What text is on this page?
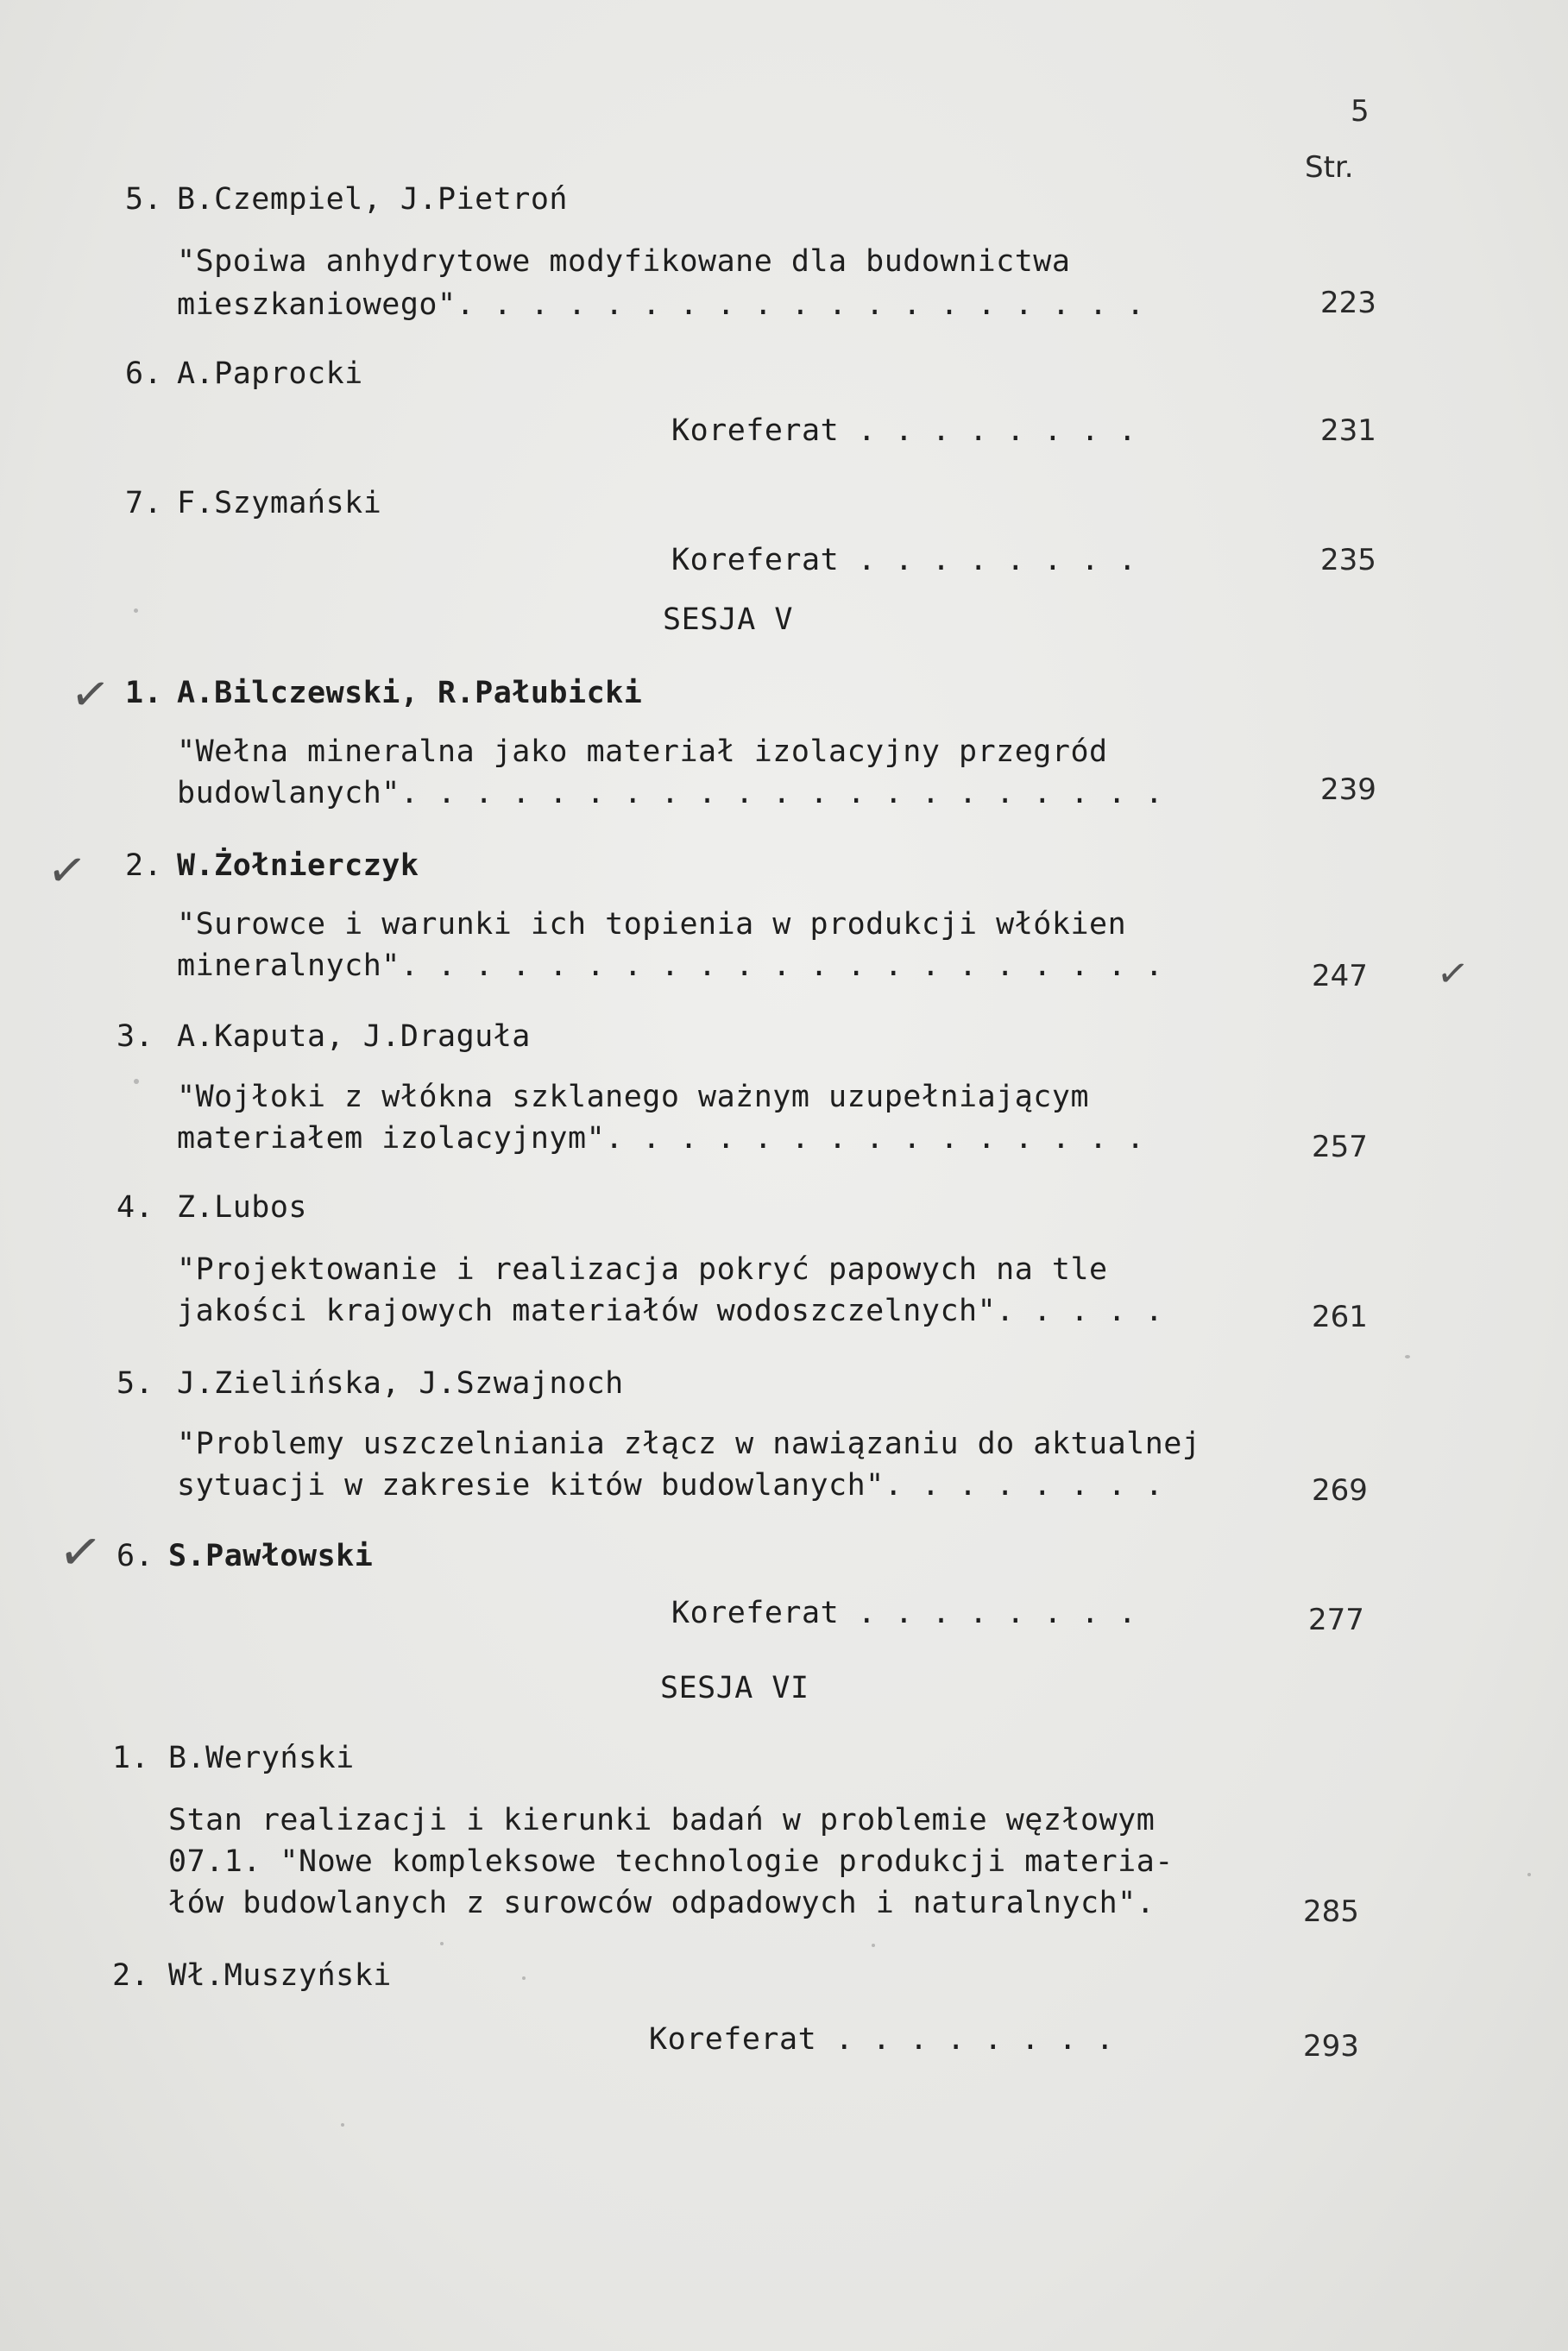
5
Str.
5. B.Czempiel, J.Pietroń
"Spoiwa anhydrytowe modyfikowane dla budownictwa
mieszkaniowego". . . . . . . . . . . . . . . . . . .	223
6. A.Paprocki
Koreferat . . . . . . . .	231
7. F.Szymański
Koreferat . . . . . . . .	235
SESJA V
✓ 1. A.Bilczewski, R.Pałubicki
"Wełna mineralna jako materiał izolacyjny przegród
budowlanych". . . . . . . . . . . . . . . . . . . . .	239
✓ 2. W.Żołnierczyk
"Surowce i warunki ich topienia w produkcji włókien
mineralnych". . . . . . . . . . . . . . . . . . . . .	247 ✓
3. A.Kaputa, J.Draguła
"Wojłoki z włókna szklanego ważnym uzupełniającym
materiałem izolacyjnym". . . . . . . . . . . . . . .	257
4. Z.Lubos
"Projektowanie i realizacja pokryć papowych na tle
jakości krajowych materiałów wodoszczelnych". . . . .	261
5. J.Zielińska, J.Szwajnoch
"Problemy uszczelniania złącz w nawiązaniu do aktualnej
sytuacji w zakresie kitów budowlanych". . . . . . . .	269
✓ 6. S.Pawłowski
Koreferat . . . . . . . .	277
SESJA VI
1. B.Weryński
Stan realizacji i kierunki badań w problemie węzłowym
07.1. "Nowe kompleksowe technologie produkcji materia-
łów budowlanych z surowców odpadowych i naturalnych".	285
2. Wł.Muszyński
Koreferat . . . . . . . .	293
